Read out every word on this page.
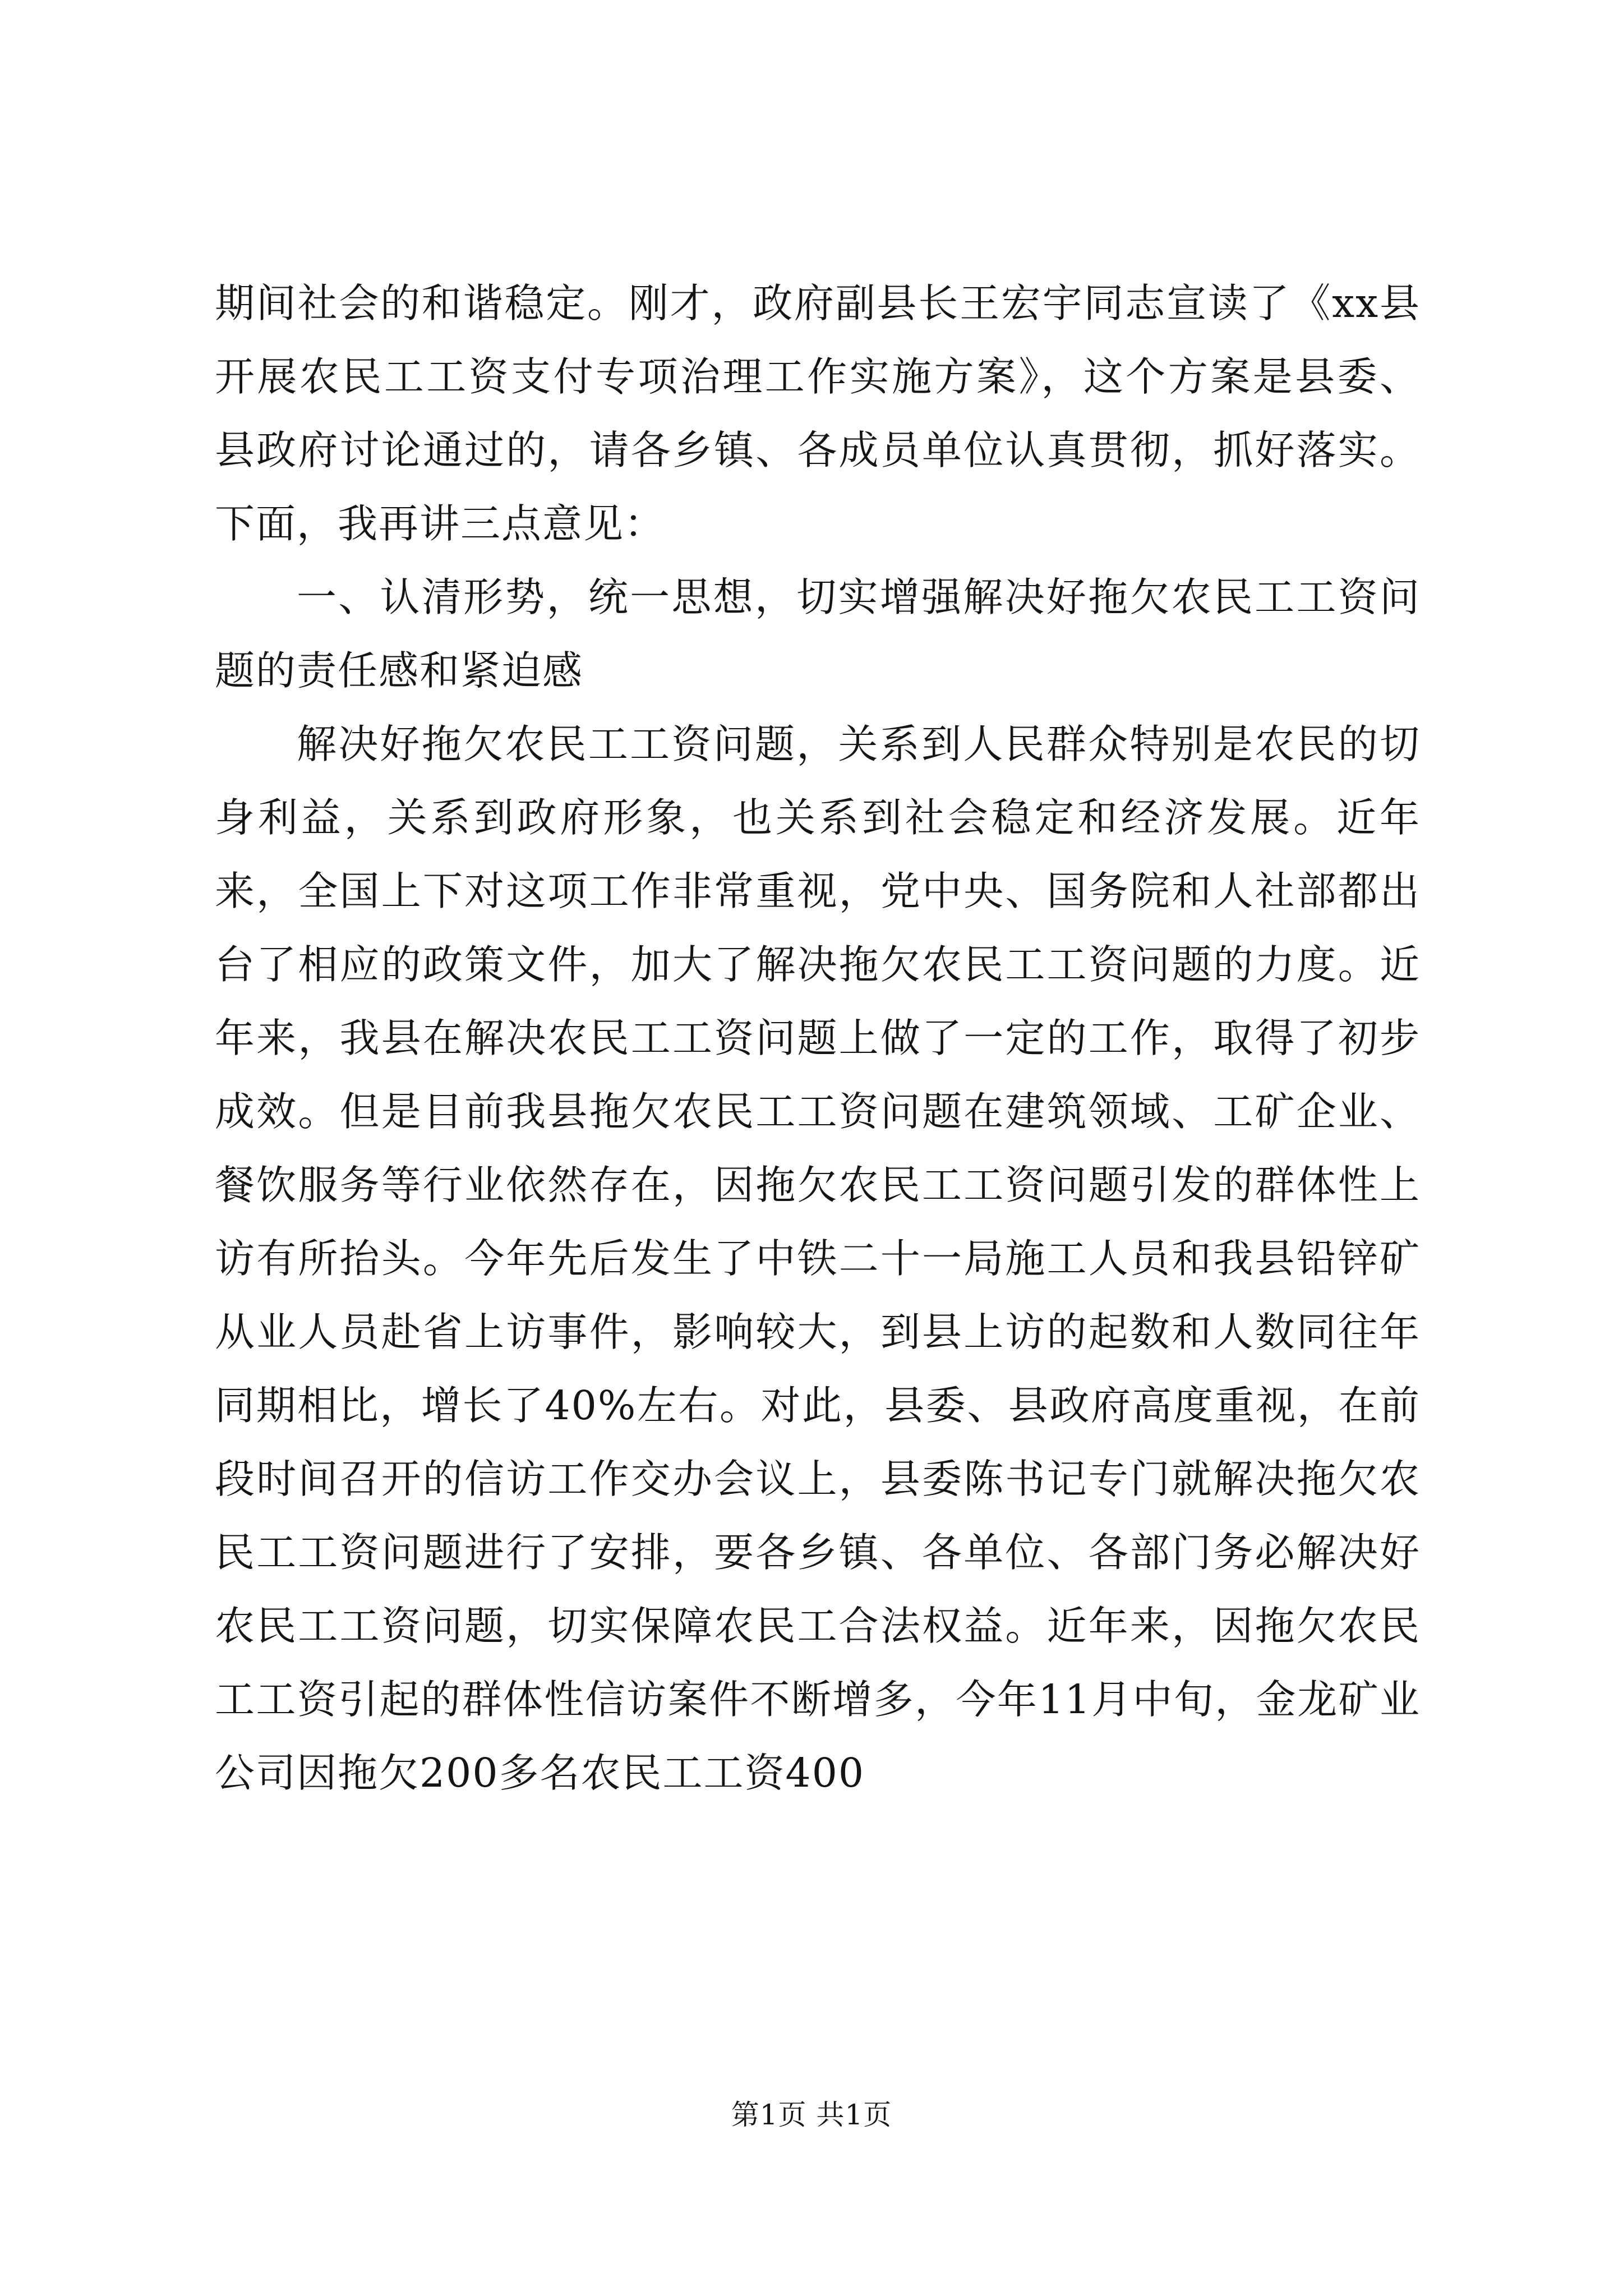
期间社会的和谐稳定。刚才，政府副县长王宏宇同志宣读了《xx县开展农民工工资支付专项治理工作实施方案》，这个方案是县委、县政府讨论通过的，请各乡镇、各成员单位认真贯彻，抓好落实。下面，我再讲三点意见：

一、认清形势，统一思想，切实增强解决好拖欠农民工工资问题的责任感和紧迫感

解决好拖欠农民工工资问题，关系到人民群众特别是农民的切身利益，关系到政府形象，也关系到社会稳定和经济发展。近年来，全国上下对这项工作非常重视，党中央、国务院和人社部都出台了相应的政策文件，加大了解决拖欠农民工工资问题的力度。近年来，我县在解决农民工工资问题上做了一定的工作，取得了初步成效。但是目前我县拖欠农民工工资问题在建筑领域、工矿企业、餐饮服务等行业依然存在，因拖欠农民工工资问题引发的群体性上访有所抬头。今年先后发生了中铁二十一局施工人员和我县铅锌矿从业人员赴省上访事件，影响较大，到县上访的起数和人数同往年同期相比，增长了40%左右。对此，县委、县政府高度重视，在前段时间召开的信访工作交办会议上，县委陈书记专门就解决拖欠农民工工资问题进行了安排，要各乡镇、各单位、各部门务必解决好农民工工资问题，切实保障农民工合法权益。近年来，因拖欠农民工工资引起的群体性信访案件不断增多，今年11月中旬，金龙矿业公司因拖欠200多名农民工工资400

第1页 共1页
